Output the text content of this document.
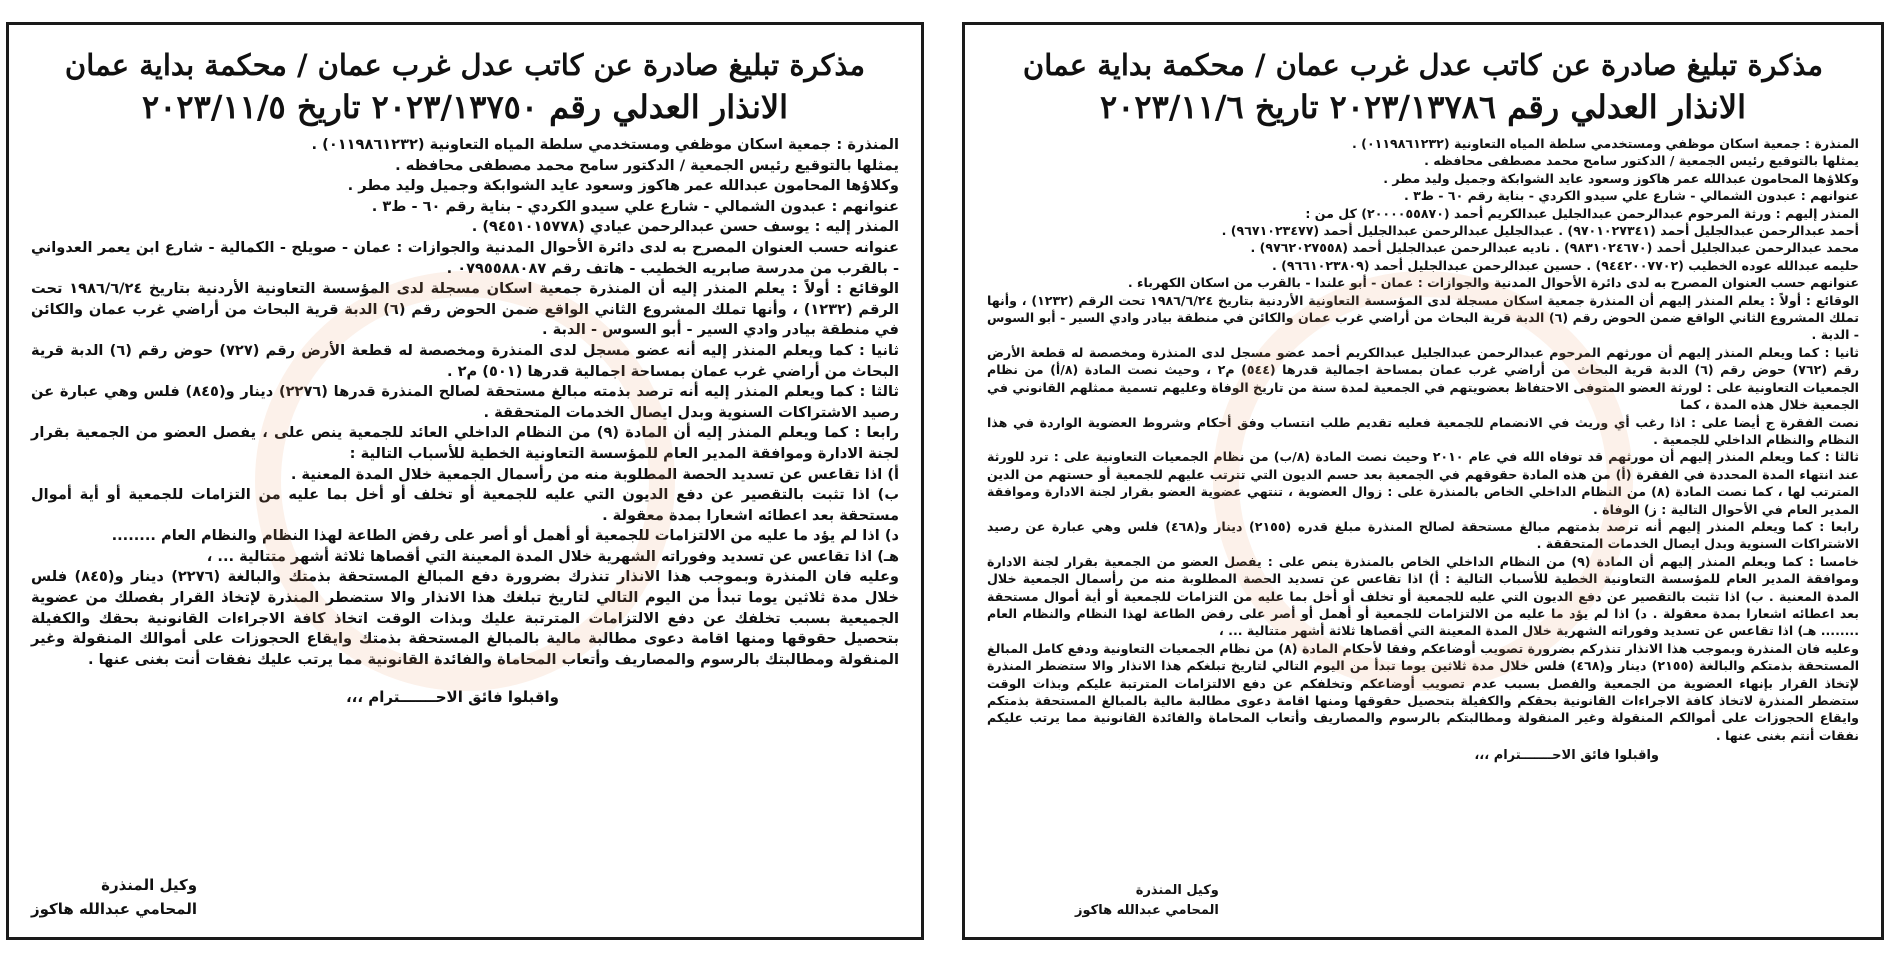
مذكرة تبليغ صادرة عن كاتب عدل غرب عمان / محكمة بداية عمان
الانذار العدلي رقم ٢٠٢٣/١٣٧٥٠ تاريخ ٢٠٢٣/١١/٥

المنذرة : جمعية اسكان موظفي ومستخدمي سلطة المياه التعاونية (٠١١٩٨٦١٢٣٢) .

يمثلها بالتوقيع رئيس الجمعية / الدكتور سامح محمد مصطفى محافظه .

وكلاؤها المحامون عبدالله عمر هاكوز وسعود عايد الشوابكة وجميل وليد مطر .

عنوانهم : عبدون الشمالي - شارع علي سيدو الكردي - بناية رقم ٦٠ - ط٣ .

المنذر إليه : يوسف حسن عبدالرحمن عيادي (٩٤٥١٠١٥٧٧٨) .

عنوانه حسب العنوان المصرح به لدى دائرة الأحوال المدنية والجوازات : عمان - صويلح - الكمالية - شارع ابن يعمر العدواني - بالقرب من مدرسة صابريه الخطيب - هاتف رقم ٠٧٩٥٥٨٨٠٨٧ .

الوقائع : أولاً : يعلم المنذر إليه أن المنذرة جمعية اسكان مسجلة لدى المؤسسة التعاونية الأردنية بتاريخ ١٩٨٦/٦/٢٤ تحت الرقم (١٢٣٢) ، وأنها تملك المشروع الثاني الواقع ضمن الحوض رقم (٦) الدبة قرية البحاث من أراضي غرب عمان والكائن في منطقة بيادر وادي السير - أبو السوس - الدبة .

ثانيا : كما ويعلم المنذر إليه أنه عضو مسجل لدى المنذرة ومخصصة له قطعة الأرض رقم (٧٢٧) حوض رقم (٦) الدبة قرية البحاث من أراضي غرب عمان بمساحة اجمالية قدرها (٥٠١) م٢ .

ثالثا : كما ويعلم المنذر إليه أنه ترصد بذمته مبالغ مستحقة لصالح المنذرة قدرها (٢٢٧٦) دينار و(٨٤٥) فلس وهي عبارة عن رصيد الاشتراكات السنوية وبدل ايصال الخدمات المتحققة .

رابعا : كما ويعلم المنذر إليه أن المادة (٩) من النظام الداخلي العائد للجمعية ينص على ، يفصل العضو من الجمعية بقرار لجنة الادارة وموافقة المدير العام للمؤسسة التعاونية الخطية للأسباب التالية :

أ) اذا تقاعس عن تسديد الحصة المطلوبة منه من رأسمال الجمعية خلال المدة المعنية .

ب) اذا تثبت بالتقصير عن دفع الديون التي عليه للجمعية أو تخلف أو أخل بما عليه من التزامات للجمعية أو أية أموال مستحقة بعد اعطائه اشعارا بمدة معقولة .

د) اذا لم يؤد ما عليه من الالتزامات للجمعية أو أهمل أو أصر على رفض الطاعة لهذا النظام والنظام العام ........

هـ) اذا تقاعس عن تسديد وفوراته الشهرية خلال المدة المعينة التي أقصاها ثلاثة أشهر متتالية ... ،

وعليه فان المنذرة وبموجب هذا الانذار تنذرك بضرورة دفع المبالغ المستحقة بذمتك والبالغة (٢٢٧٦) دينار و(٨٤٥) فلس خلال مدة ثلاثين يوما تبدأ من اليوم التالي لتاريخ تبلغك هذا الانذار والا ستضطر المنذرة لإتخاذ القرار بفصلك من عضوية الجميعية بسبب تخلفك عن دفع الالتزامات المترتبة عليك وبذات الوقت اتخاذ كافة الاجراءات القانونية بحقك والكفيلة بتحصيل حقوقها ومنها اقامة دعوى مطالبة مالية بالمبالغ المستحقة بذمتك وايقاع الحجوزات على أموالك المنقولة وغير المنقولة ومطالبتك بالرسوم والمصاريف وأتعاب المحاماة والفائدة القانونية مما يرتب عليك نفقات أنت بغنى عنها .

واقبلوا فائق الاحـــــــترام ،،،
وكيل المنذرة
المحامي عبدالله هاكوز
مذكرة تبليغ صادرة عن كاتب عدل غرب عمان / محكمة بداية عمان
الانذار العدلي رقم ٢٠٢٣/١٣٧٨٦ تاريخ ٢٠٢٣/١١/٦

المنذرة : جمعية اسكان موظفي ومستخدمي سلطة المياه التعاونية (٠١١٩٨٦١٢٣٢) .

يمثلها بالتوقيع رئيس الجمعية / الدكتور سامح محمد مصطفى محافظه .

وكلاؤها المحامون عبدالله عمر هاكوز وسعود عايد الشوابكة وجميل وليد مطر .

عنوانهم : عبدون الشمالي - شارع علي سيدو الكردي - بناية رقم ٦٠ - ط٣ .

المنذر إليهم : ورثة المرحوم عبدالرحمن عبدالجليل عبدالكريم أحمد (٢٠٠٠٠٥٥٨٧٠) كل من :

أحمد عبدالرحمن عبدالجليل أحمد (٩٧٠١٠٢٧٣٤١) . عبدالجليل عبدالرحمن عبدالجليل أحمد (٩٦٧١٠٢٣٤٧٧) .

محمد عبدالرحمن عبدالجليل أحمد (٩٨٣١٠٢٤٦٧٠) . ناديه عبدالرحمن عبدالجليل أحمد (٩٧٦٢٠٢٧٥٥٨) .

حليمه عبدالله عوده الخطيب (٩٤٤٢٠٠٧٧٠٢) . حسين عبدالرحمن عبدالجليل أحمد (٩٦٦١٠٢٣٨٠٩) .

عنوانهم حسب العنوان المصرح به لدى دائرة الأحوال المدنية والجوازات : عمان - أبو علندا - بالقرب من اسكان الكهرباء .

الوقائع : أولاً : يعلم المنذر إليهم أن المنذرة جمعية اسكان مسجلة لدى المؤسسة التعاونية الأردنية بتاريخ ١٩٨٦/٦/٢٤ تحت الرقم (١٢٣٢) ، وأنها تملك المشروع الثاني الواقع ضمن الحوض رقم (٦) الدبة قرية البحاث من أراضي غرب عمان والكائن في منطقة بيادر وادي السير - أبو السوس - الدبة .

ثانيا : كما ويعلم المنذر إليهم أن مورثهم المرحوم عبدالرحمن عبدالجليل عبدالكريم أحمد عضو مسجل لدى المنذرة ومخصصة له قطعة الأرض رقم (٧٦٢) حوض رقم (٦) الدبة قرية البحاث من أراضي غرب عمان بمساحة اجمالية قدرها (٥٤٤) م٢ ، وحيث نصت المادة (٨/أ) من نظام الجمعيات التعاونية على : لورثة العضو المتوفى الاحتفاظ بعضويتهم في الجمعية لمدة سنة من تاريخ الوفاة وعليهم تسمية ممثلهم القانوني في الجمعية خلال هذه المدة ، كما

نصت الفقرة ج أيضا على : اذا رغب أي وريث في الانضمام للجمعية فعليه تقديم طلب انتساب وفق أحكام وشروط العضوية الواردة في هذا النظام والنظام الداخلي للجمعية .

ثالثا : كما ويعلم المنذر إليهم أن مورثهم قد توفاه الله في عام ٢٠١٠ وحيث نصت المادة (٨/ب) من نظام الجمعيات التعاونية على : ترد للورثة عند انتهاء المدة المحددة في الفقرة (أ) من هذه المادة حقوقهم في الجمعية بعد حسم الديون التي تترتب عليهم للجمعية أو حستهم من الدين المترتب لها ، كما نصت المادة (٨) من النظام الداخلي الخاص بالمنذرة على : زوال العضوية ، تنتهي عضوية العضو بقرار لجنة الادارة وموافقة المدير العام في الأحوال التالية : ز) الوفاة .

رابعا : كما ويعلم المنذر إليهم أنه ترصد بذمتهم مبالغ مستحقة لصالح المنذرة مبلغ قدره (٢١٥٥) دينار و(٤٦٨) فلس وهي عبارة عن رصيد الاشتراكات السنوية وبدل ايصال الخدمات المتحققة .

خامسا : كما ويعلم المنذر إليهم أن المادة (٩) من النظام الداخلي الخاص بالمنذرة ينص على : يفصل العضو من الجمعية بقرار لجنة الادارة وموافقة المدير العام للمؤسسة التعاونية الخطية للأسباب التالية : أ) اذا تقاعس عن تسديد الحصة المطلوبة منه من رأسمال الجمعية خلال المدة المعنية . ب) اذا تثبت بالتقصير عن دفع الديون التي عليه للجمعية أو تخلف أو أخل بما عليه من التزامات للجمعية أو أية أموال مستحقة بعد اعطائه اشعارا بمدة معقولة . د) اذا لم يؤد ما عليه من الالتزامات للجمعية أو أهمل أو أصر على رفض الطاعة لهذا النظام والنظام العام ........ هـ) اذا تقاعس عن تسديد وفوراته الشهرية خلال المدة المعينة التي أقصاها ثلاثة أشهر متتالية ... ،

وعليه فان المنذرة وبموجب هذا الانذار تنذركم بضرورة تصويب أوضاعكم وفقا لأحكام المادة (٨) من نظام الجمعيات التعاونية ودفع كامل المبالغ المستحقة بذمتكم والبالغة (٢١٥٥) دينار و(٤٦٨) فلس خلال مدة ثلاثين يوما تبدأ من اليوم التالي لتاريخ تبلغكم هذا الانذار والا ستضطر المنذرة لإتخاذ القرار بإنهاء العضوية من الجمعية والفصل بسبب عدم تصويب أوضاعكم وتخلفكم عن دفع الالتزامات المترتبة عليكم وبذات الوقت ستضطر المنذرة لاتخاذ كافة الاجراءات القانونية بحقكم والكفيلة بتحصيل حقوقها ومنها اقامة دعوى مطالبة مالية بالمبالغ المستحقة بذمتكم وايقاع الحجوزات على أموالكم المنقولة وغير المنقولة ومطالبتكم بالرسوم والمصاريف وأتعاب المحاماة والفائدة القانونية مما يرتب عليكم نفقات أنتم بغنى عنها .

واقبلوا فائق الاحـــــــترام ،،،
وكيل المنذرة
المحامي عبدالله هاكوز
